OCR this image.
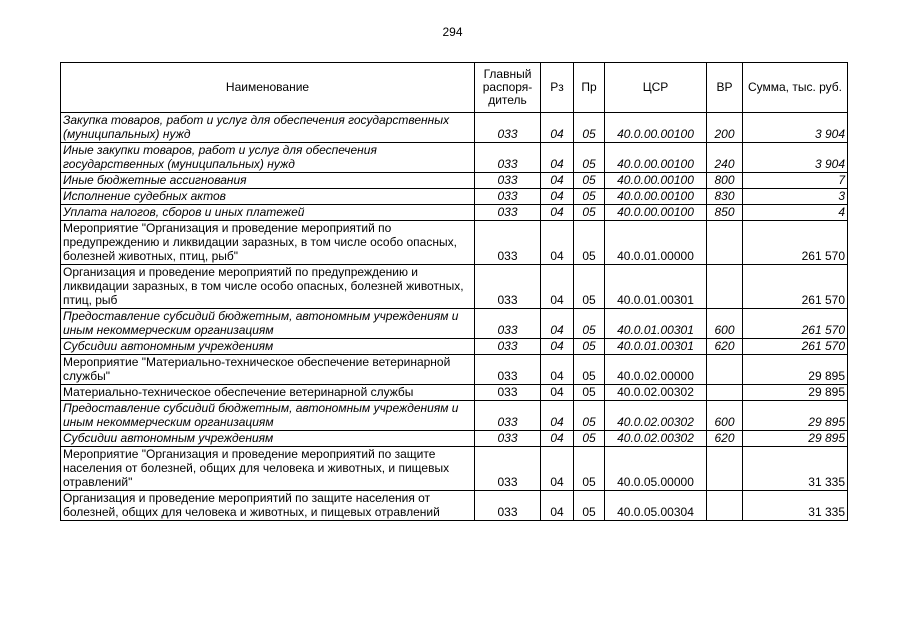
294
Наименование	Главный распоря-дитель	Рз	Пр	ЦСР	ВР	Сумма, тыс. руб.
Закупка товаров, работ и услуг для обеспечения государственных (муниципальных) нужд	033	04	05	40.0.00.00100	200	3 904
Иные закупки товаров, работ и услуг для обеспечения государственных (муниципальных) нужд	033	04	05	40.0.00.00100	240	3 904
Иные бюджетные ассигнования	033	04	05	40.0.00.00100	800	7
Исполнение судебных актов	033	04	05	40.0.00.00100	830	3
Уплата налогов, сборов и иных платежей	033	04	05	40.0.00.00100	850	4
Мероприятие "Организация и проведение мероприятий по предупреждению и ликвидации заразных, в том числе особо опасных, болезней животных, птиц, рыб"	033	04	05	40.0.01.00000		261 570
Организация и проведение мероприятий по предупреждению и ликвидации заразных, в том числе особо опасных, болезней животных, птиц, рыб	033	04	05	40.0.01.00301		261 570
Предоставление субсидий бюджетным, автономным учреждениям и иным некоммерческим организациям	033	04	05	40.0.01.00301	600	261 570
Субсидии автономным учреждениям	033	04	05	40.0.01.00301	620	261 570
Мероприятие "Материально-техническое обеспечение ветеринарной службы"	033	04	05	40.0.02.00000		29 895
Материально-техническое обеспечение ветеринарной службы	033	04	05	40.0.02.00302		29 895
Предоставление субсидий бюджетным, автономным учреждениям и иным некоммерческим организациям	033	04	05	40.0.02.00302	600	29 895
Субсидии автономным учреждениям	033	04	05	40.0.02.00302	620	29 895
Мероприятие "Организация и проведение мероприятий по защите населения от болезней, общих для человека и животных, и пищевых отравлений"	033	04	05	40.0.05.00000		31 335
Организация и проведение мероприятий по защите населения от болезней, общих для человека и животных, и пищевых отравлений	033	04	05	40.0.05.00304		31 335
